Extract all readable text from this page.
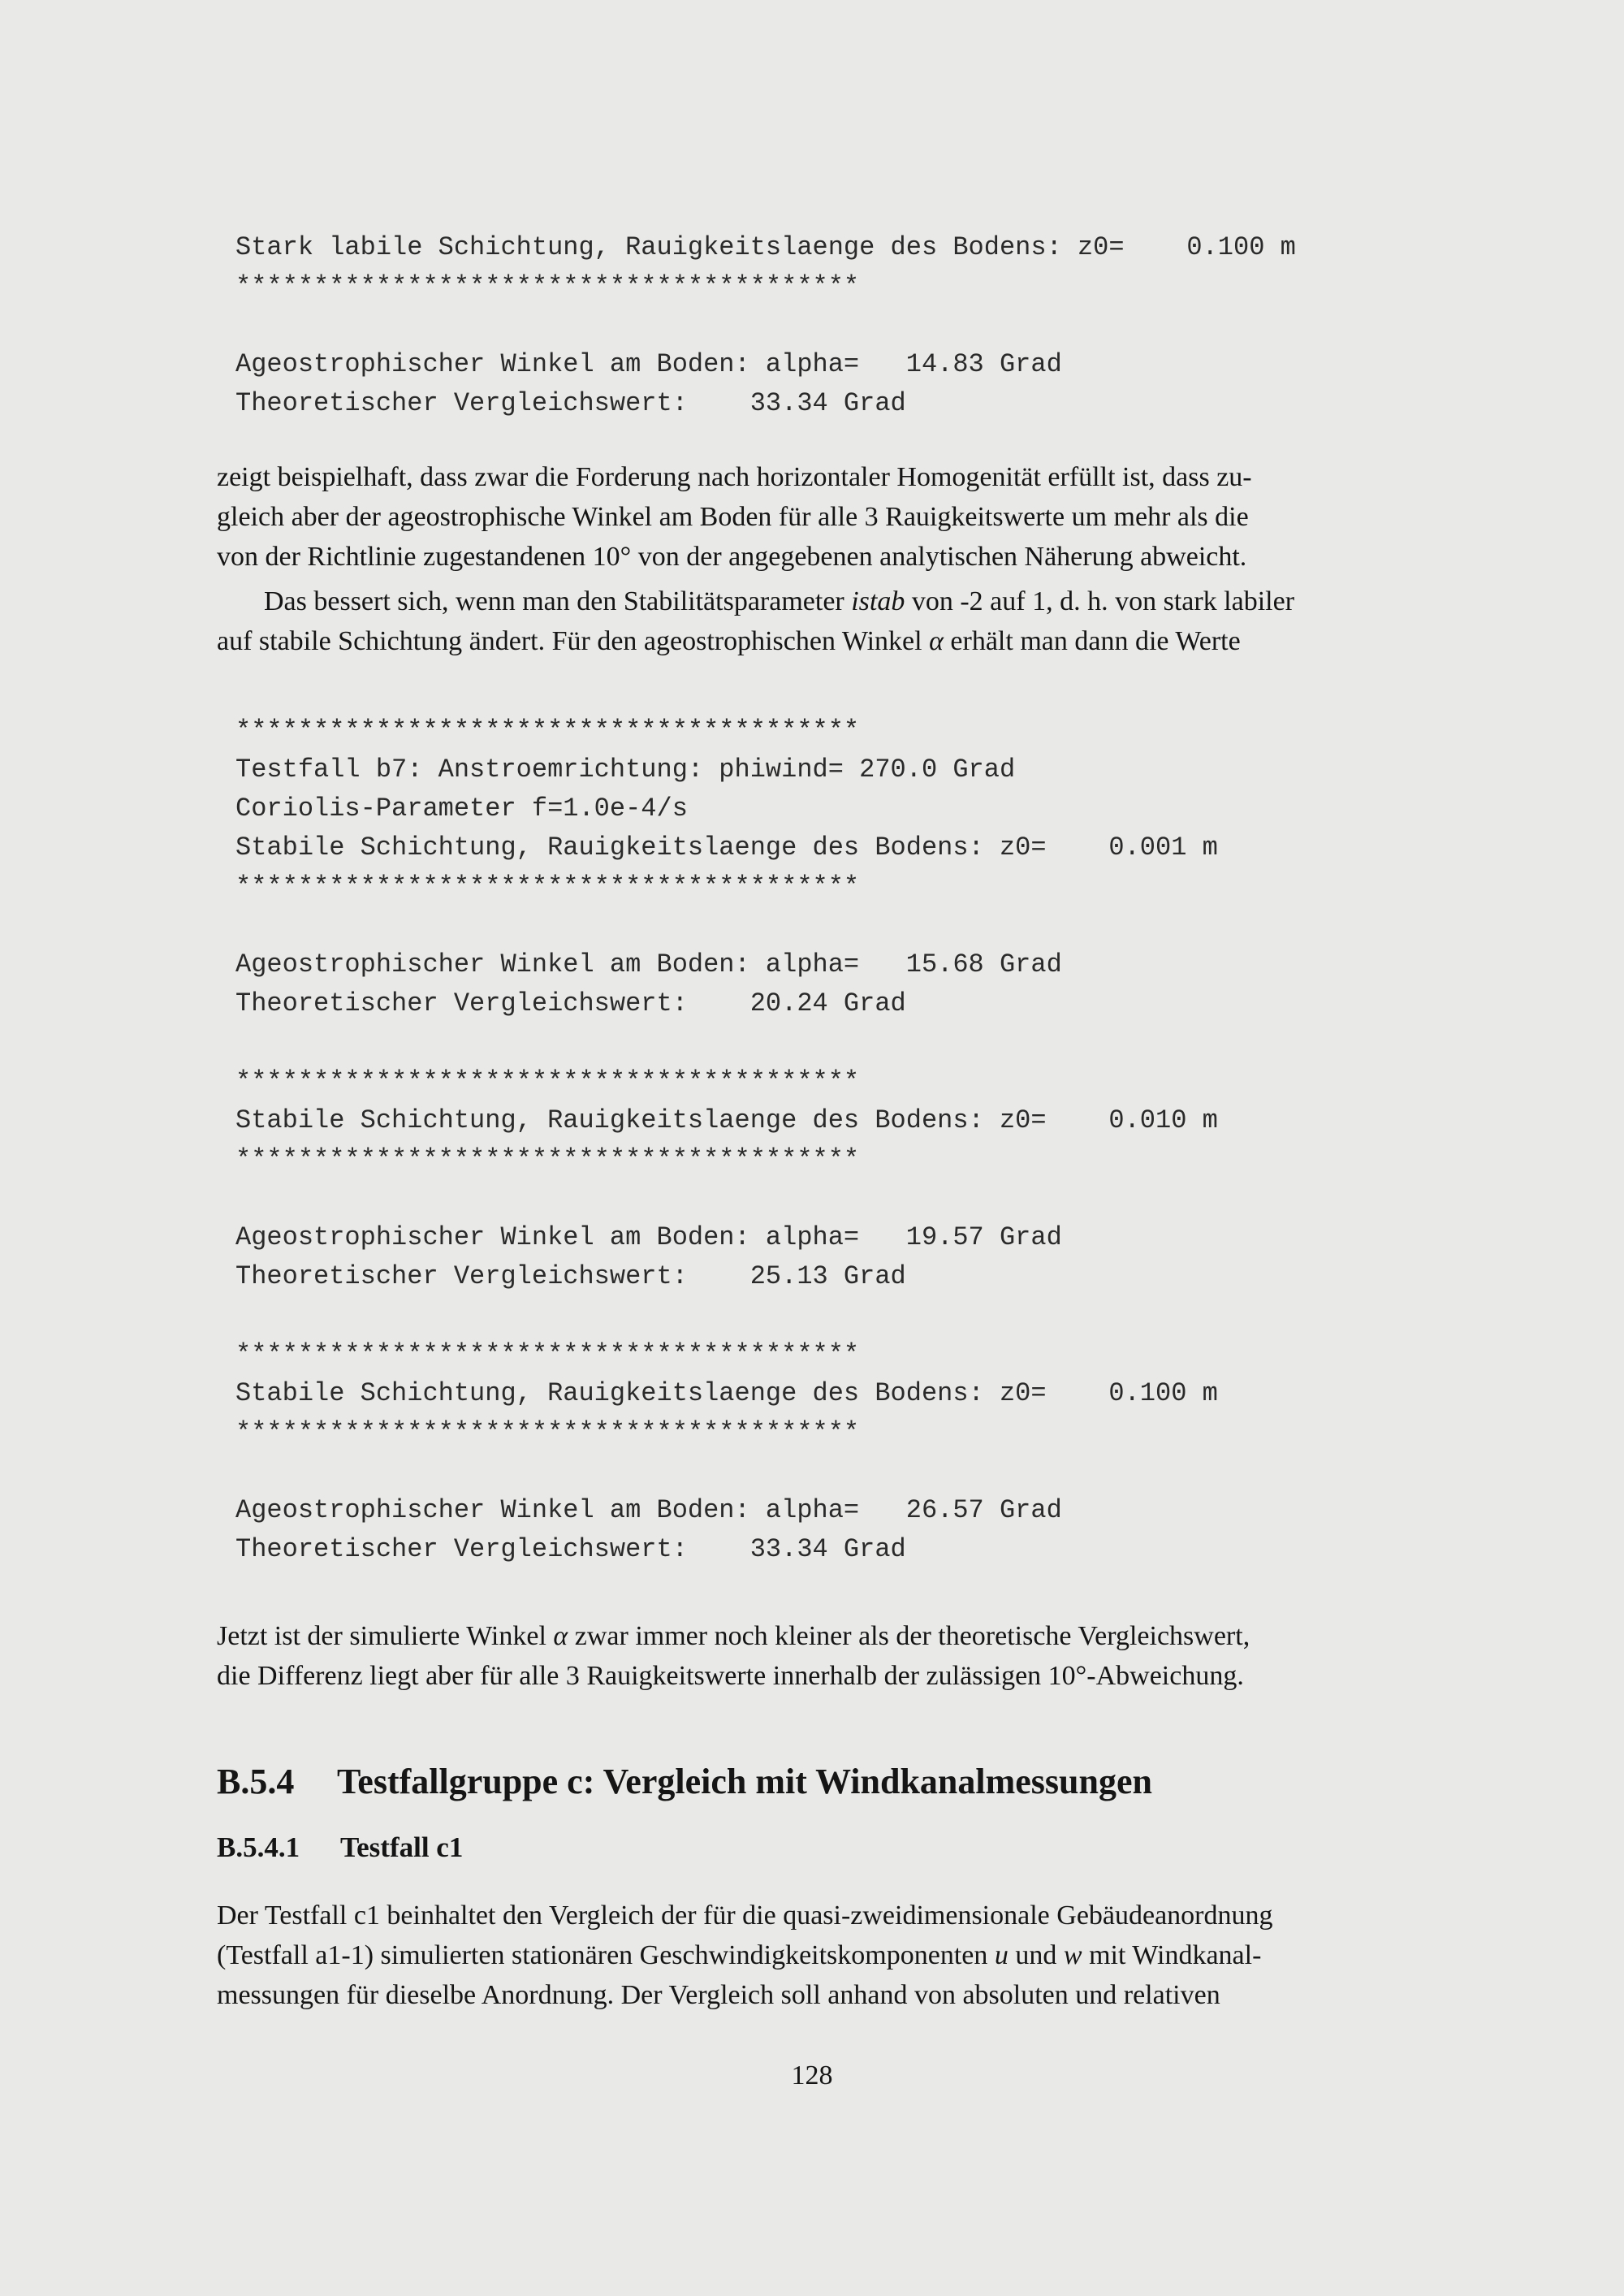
Stark labile Schichtung, Rauigkeitslaenge des Bodens: z0=    0.100 m
****************************************

Ageostrophischer Winkel am Boden: alpha=   14.83 Grad
Theoretischer Vergleichswert:    33.34 Grad

zeigt beispielhaft, dass zwar die Forderung nach horizontaler Homogenität erfüllt ist, dass zu-
gleich aber der ageostrophische Winkel am Boden für alle 3 Rauigkeitswerte um mehr als die
von der Richtlinie zugestandenen 10° von der angegebenen analytischen Näherung abweicht.

Das bessert sich, wenn man den Stabilitätsparameter istab von -2 auf 1, d. h. von stark labiler
auf stabile Schichtung ändert. Für den ageostrophischen Winkel α erhält man dann die Werte

****************************************
Testfall b7: Anstroemrichtung: phiwind= 270.0 Grad
Coriolis-Parameter f=1.0e-4/s
Stabile Schichtung, Rauigkeitslaenge des Bodens: z0=    0.001 m
****************************************

Ageostrophischer Winkel am Boden: alpha=   15.68 Grad
Theoretischer Vergleichswert:    20.24 Grad

****************************************
Stabile Schichtung, Rauigkeitslaenge des Bodens: z0=    0.010 m
****************************************

Ageostrophischer Winkel am Boden: alpha=   19.57 Grad
Theoretischer Vergleichswert:    25.13 Grad

****************************************
Stabile Schichtung, Rauigkeitslaenge des Bodens: z0=    0.100 m
****************************************

Ageostrophischer Winkel am Boden: alpha=   26.57 Grad
Theoretischer Vergleichswert:    33.34 Grad

Jetzt ist der simulierte Winkel α zwar immer noch kleiner als der theoretische Vergleichswert,
die Differenz liegt aber für alle 3 Rauigkeitswerte innerhalb der zulässigen 10°-Abweichung.

B.5.4 Testfallgruppe c: Vergleich mit Windkanalmessungen
B.5.4.1 Testfall c1

Der Testfall c1 beinhaltet den Vergleich der für die quasi-zweidimensionale Gebäudeanordnung
(Testfall a1-1) simulierten stationären Geschwindigkeitskomponenten u und w mit Windkanal-
messungen für dieselbe Anordnung. Der Vergleich soll anhand von absoluten und relativen

128
